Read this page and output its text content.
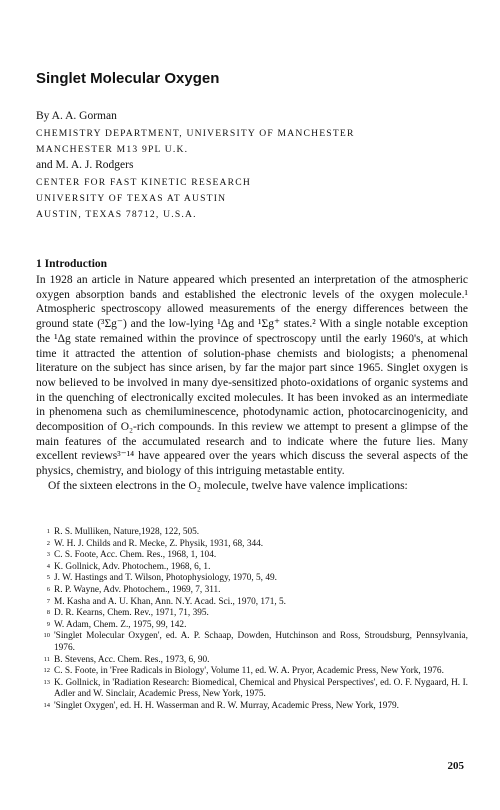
Singlet Molecular Oxygen
By A. A. Gorman
CHEMISTRY DEPARTMENT, UNIVERSITY OF MANCHESTER
MANCHESTER M13 9PL U.K.
and M. A. J. Rodgers
CENTER FOR FAST KINETIC RESEARCH
UNIVERSITY OF TEXAS AT AUSTIN
AUSTIN, TEXAS 78712, U.S.A.
1 Introduction

In 1928 an article in Nature appeared which presented an interpretation of the atmospheric oxygen absorption bands and established the electronic levels of the oxygen molecule.¹ Atmospheric spectroscopy allowed measurements of the energy differences between the ground state (³Σg⁻) and the low-lying ¹Δg and ¹Σg⁺ states.² With a single notable exception the ¹Δg state remained within the province of spectroscopy until the early 1960's, at which time it attracted the attention of solution-phase chemists and biologists; a phenomenal literature on the subject has since arisen, by far the major part since 1965. Singlet oxygen is now believed to be involved in many dye-sensitized photo-oxidations of organic systems and in the quenching of electronically excited molecules. It has been invoked as an intermediate in phenomena such as chemiluminescence, photodynamic action, photocarcinogenicity, and decomposition of O₂-rich compounds. In this review we attempt to present a glimpse of the main features of the accumulated research and to indicate where the future lies. Many excellent reviews³⁻¹⁴ have appeared over the years which discuss the several aspects of the physics, chemistry, and biology of this intriguing metastable entity.

Of the sixteen electrons in the O₂ molecule, twelve have valence implications:

1 R. S. Mulliken, Nature,1928, 122, 505.
2 W. H. J. Childs and R. Mecke, Z. Physik, 1931, 68, 344.
3 C. S. Foote, Acc. Chem. Res., 1968, 1, 104.
4 K. Gollnick, Adv. Photochem., 1968, 6, 1.
5 J. W. Hastings and T. Wilson, Photophysiology, 1970, 5, 49.
6 R. P. Wayne, Adv. Photochem., 1969, 7, 311.
7 M. Kasha and A. U. Khan, Ann. N.Y. Acad. Sci., 1970, 171, 5.
8 D. R. Kearns, Chem. Rev., 1971, 71, 395.
9 W. Adam, Chem. Z., 1975, 99, 142.
10 'Singlet Molecular Oxygen', ed. A. P. Schaap, Dowden, Hutchinson and Ross, Stroudsburg, Pennsylvania, 1976.
11 B. Stevens, Acc. Chem. Res., 1973, 6, 90.
12 C. S. Foote, in 'Free Radicals in Biology', Volume 11, ed. W. A. Pryor, Academic Press, New York, 1976.
13 K. Gollnick, in 'Radiation Research: Biomedical, Chemical and Physical Perspectives', ed. O. F. Nygaard, H. I. Adler and W. Sinclair, Academic Press, New York, 1975.
14 'Singlet Oxygen', ed. H. H. Wasserman and R. W. Murray, Academic Press, New York, 1979.
205
